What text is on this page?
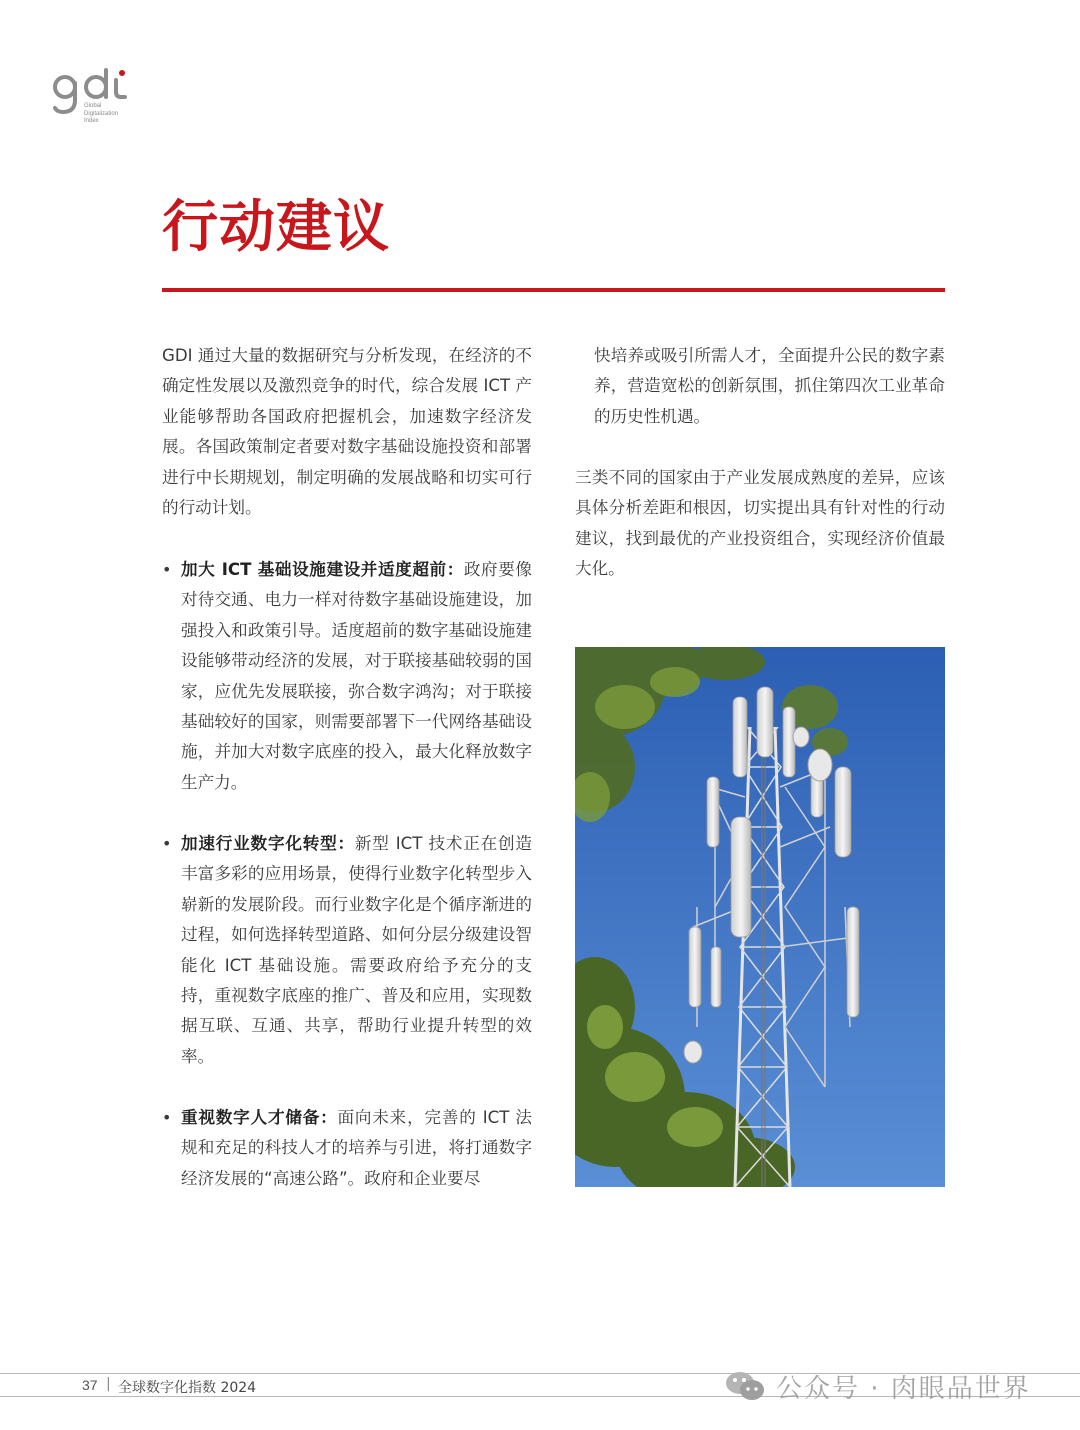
Global
Digitalization
Index
行动建议

GDI 通过大量的数据研究与分析发现，在经济的不确定性发展以及激烈竞争的时代，综合发展 ICT 产业能够帮助各国政府把握机会，加速数字经济发展。各国政策制定者要对数字基础设施投资和部署进行中长期规划，制定明确的发展战略和切实可行的行动计划。

• 加大 ICT 基础设施建设并适度超前：政府要像对待交通、电力一样对待数字基础设施建设，加强投入和政策引导。适度超前的数字基础设施建设能够带动经济的发展，对于联接基础较弱的国家，应优先发展联接，弥合数字鸿沟；对于联接基础较好的国家，则需要部署下一代网络基础设施，并加大对数字底座的投入，最大化释放数字生产力。

• 加速行业数字化转型：新型 ICT 技术正在创造丰富多彩的应用场景，使得行业数字化转型步入崭新的发展阶段。而行业数字化是个循序渐进的过程，如何选择转型道路、如何分层分级建设智能化 ICT 基础设施。需要政府给予充分的支持，重视数字底座的推广、普及和应用，实现数据互联、互通、共享，帮助行业提升转型的效率。

• 重视数字人才储备：面向未来，完善的 ICT 法规和充足的科技人才的培养与引进，将打通数字经济发展的“高速公路”。政府和企业要尽

快培养或吸引所需人才，全面提升公民的数字素养，营造宽松的创新氛围，抓住第四次工业革命的历史性机遇。

三类不同的国家由于产业发展成熟度的差异，应该具体分析差距和根因，切实提出具有针对性的行动建议，找到最优的产业投资组合，实现经济价值最大化。

37 | 全球数字化指数 2024	公众号 · 肉眼品世界
